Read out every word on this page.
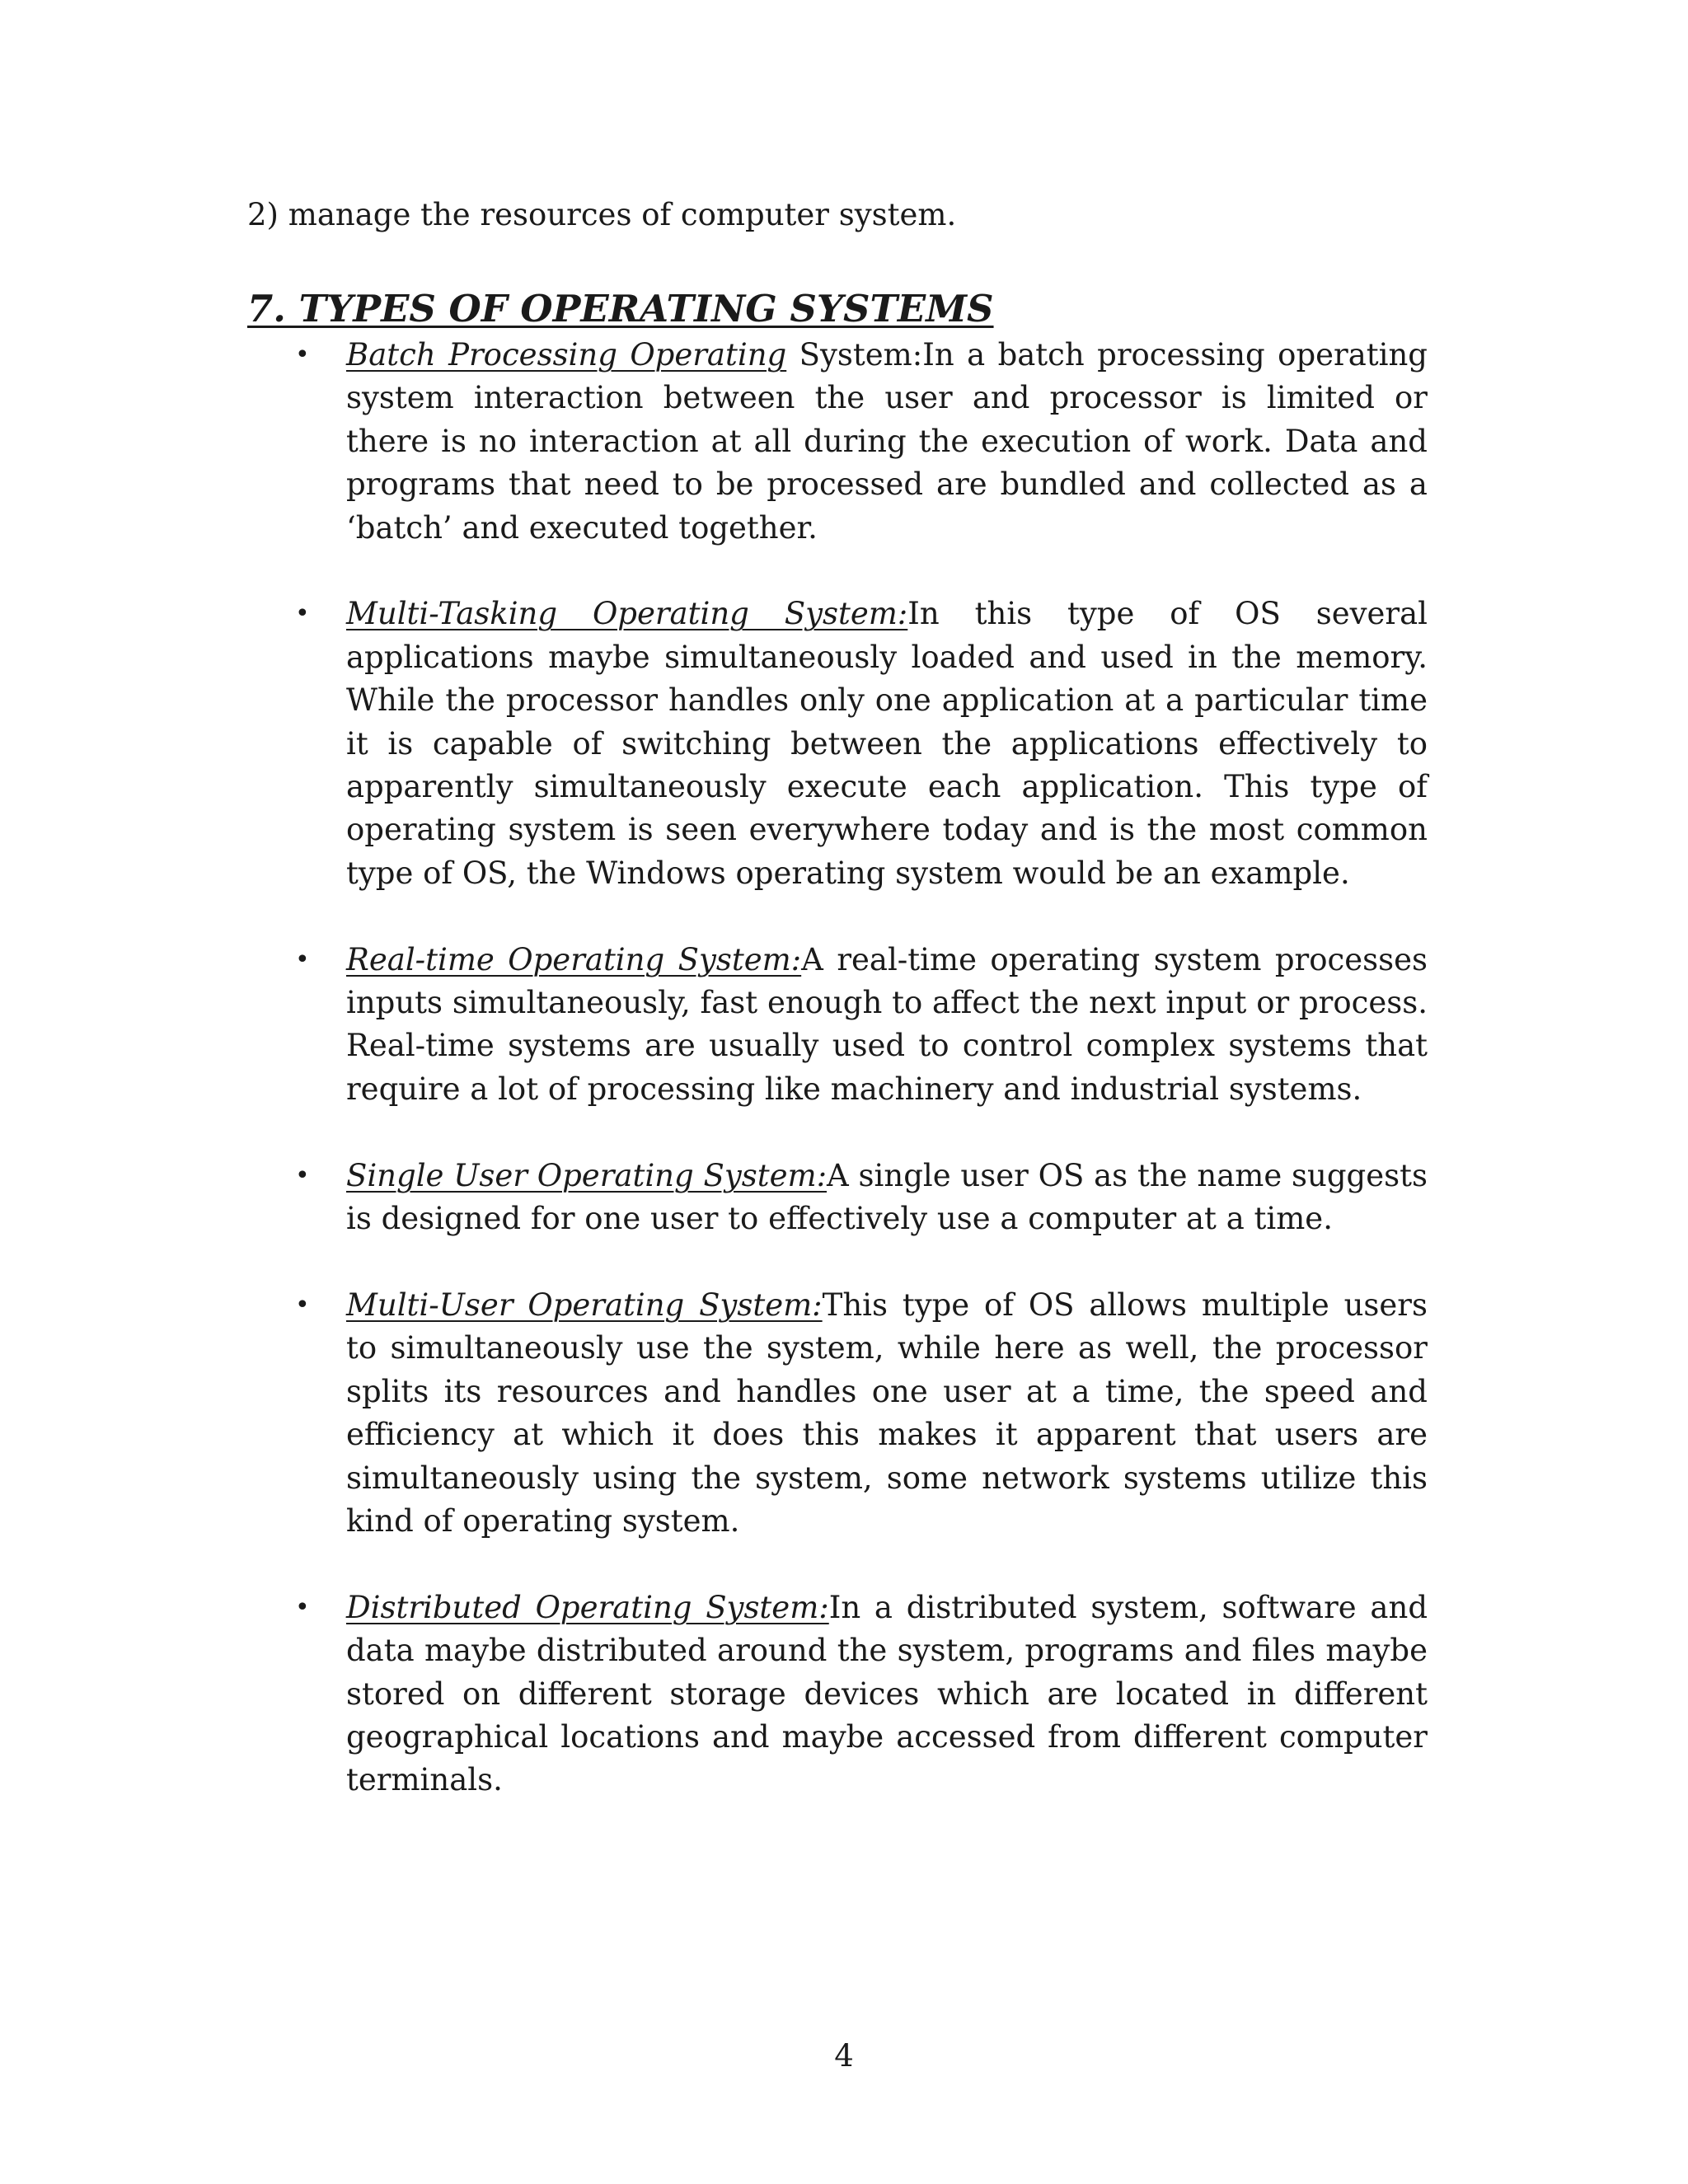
2) manage the resources of computer system.
7. TYPES OF OPERATING SYSTEMS
• Batch Processing Operating System:In a batch processing operating system interaction between the user and processor is limited or there is no interaction at all during the execution of work. Data and programs that need to be processed are bundled and collected as a ‘batch’ and executed together.
• Multi-Tasking Operating System:In this type of OS several applications maybe simultaneously loaded and used in the memory. While the processor handles only one application at a particular time it is capable of switching between the applications effectively to apparently simultaneously execute each application. This type of operating system is seen everywhere today and is the most common type of OS, the Windows operating system would be an example.
• Real-time Operating System:A real-time operating system processes inputs simultaneously, fast enough to affect the next input or process. Real-time systems are usually used to control complex systems that require a lot of processing like machinery and industrial systems.
• Single User Operating System:A single user OS as the name suggests is designed for one user to effectively use a computer at a time.
• Multi-User Operating System:This type of OS allows multiple users to simultaneously use the system, while here as well, the processor splits its resources and handles one user at a time, the speed and efficiency at which it does this makes it apparent that users are simultaneously using the system, some network systems utilize this kind of operating system.
• Distributed Operating System:In a distributed system, software and data maybe distributed around the system, programs and files maybe stored on different storage devices which are located in different geographical locations and maybe accessed from different computer terminals.
4
